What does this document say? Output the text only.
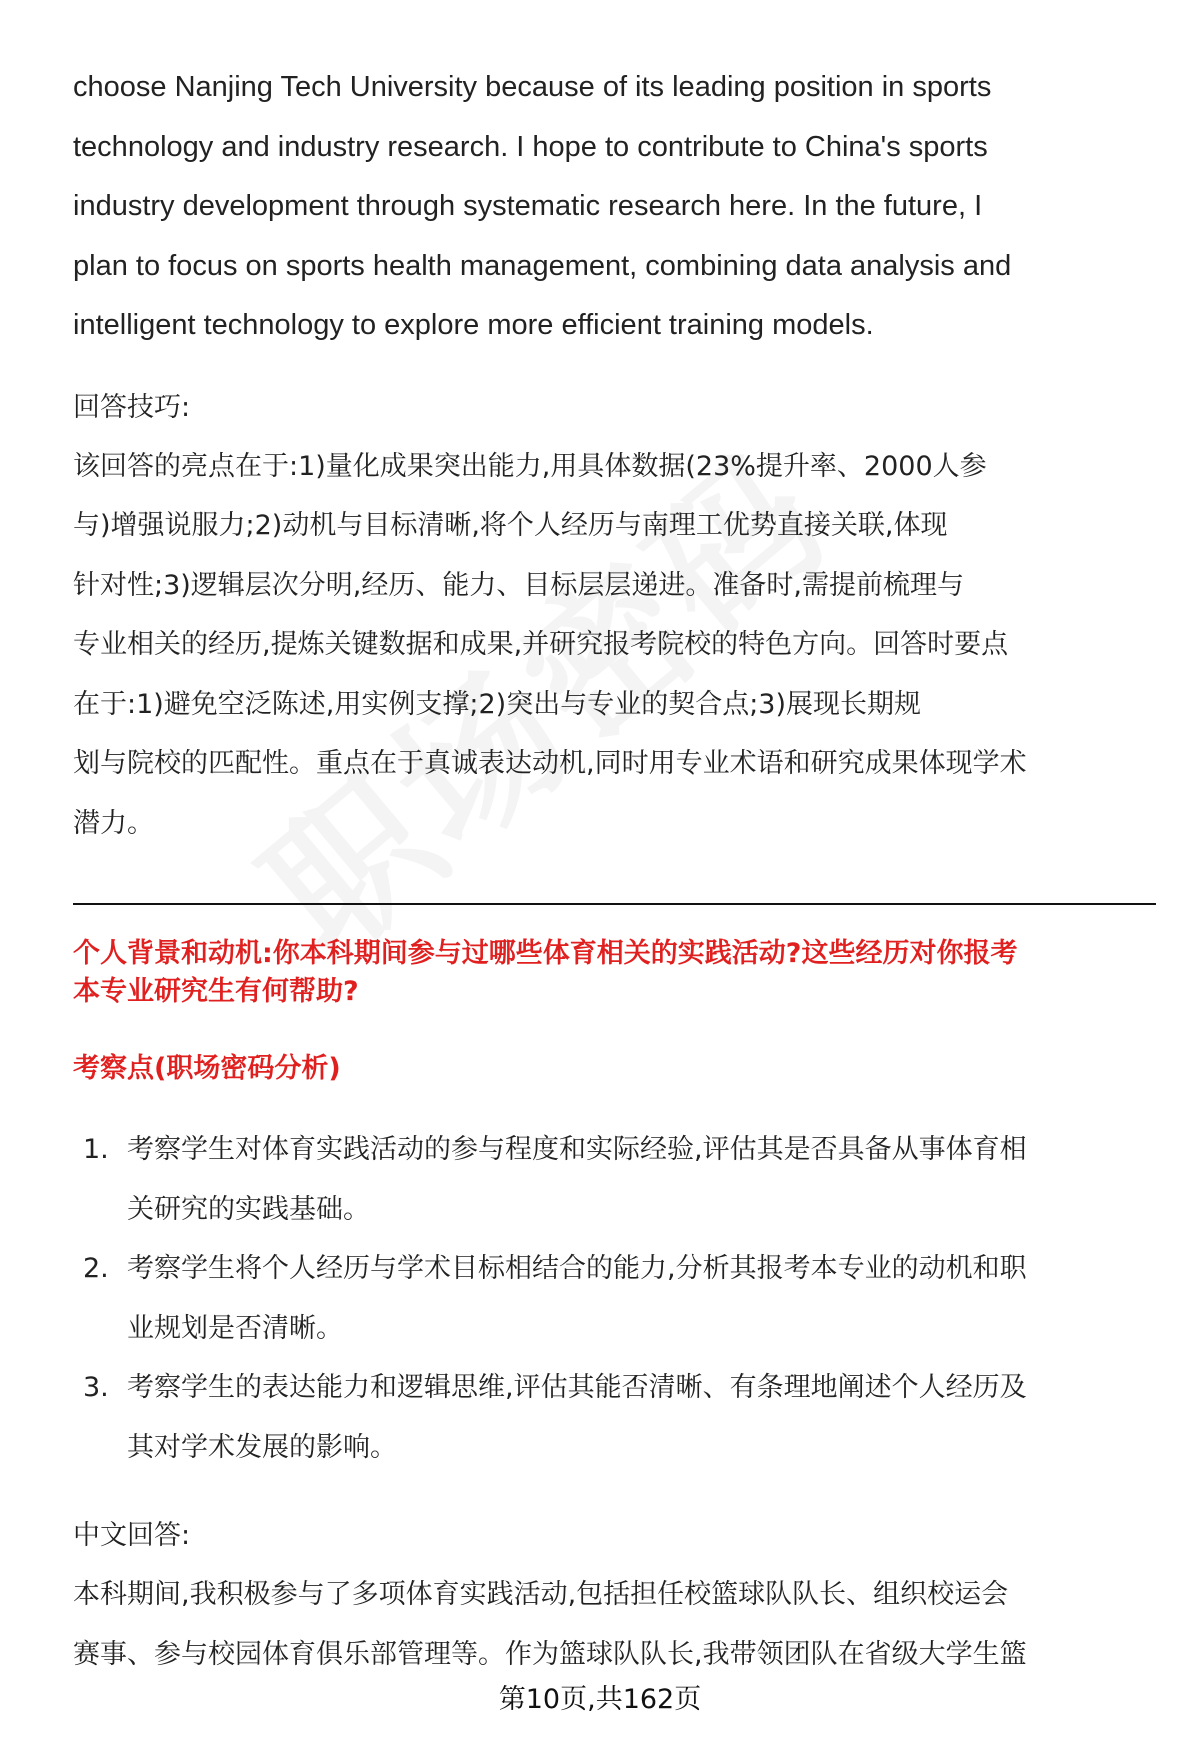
choose Nanjing Tech University because of its leading position in sports

technology and industry research. I hope to contribute to China's sports

industry development through systematic research here. In the future, I

plan to focus on sports health management, combining data analysis and

intelligent technology to explore more efficient training models.

回答技巧:

该回答的亮点在于:1)量化成果突出能力,用具体数据(23%提升率、2000人参

与)增强说服力;2)动机与目标清晰,将个人经历与南理工优势直接关联,体现

针对性;3)逻辑层次分明,经历、能力、目标层层递进。准备时,需提前梳理与

专业相关的经历,提炼关键数据和成果,并研究报考院校的特色方向。回答时要点

在于:1)避免空泛陈述,用实例支撑;2)突出与专业的契合点;3)展现长期规

划与院校的匹配性。重点在于真诚表达动机,同时用专业术语和研究成果体现学术

潜力。

个人背景和动机:你本科期间参与过哪些体育相关的实践活动?这些经历对你报考
本专业研究生有何帮助?

考察点(职场密码分析)

1. 考察学生对体育实践活动的参与程度和实际经验,评估其是否具备从事体育相
关研究的实践基础。
2. 考察学生将个人经历与学术目标相结合的能力,分析其报考本专业的动机和职
业规划是否清晰。
3. 考察学生的表达能力和逻辑思维,评估其能否清晰、有条理地阐述个人经历及
其对学术发展的影响。

中文回答:

本科期间,我积极参与了多项体育实践活动,包括担任校篮球队队长、组织校运会

赛事、参与校园体育俱乐部管理等。作为篮球队队长,我带领团队在省级大学生篮

第10页,共162页
